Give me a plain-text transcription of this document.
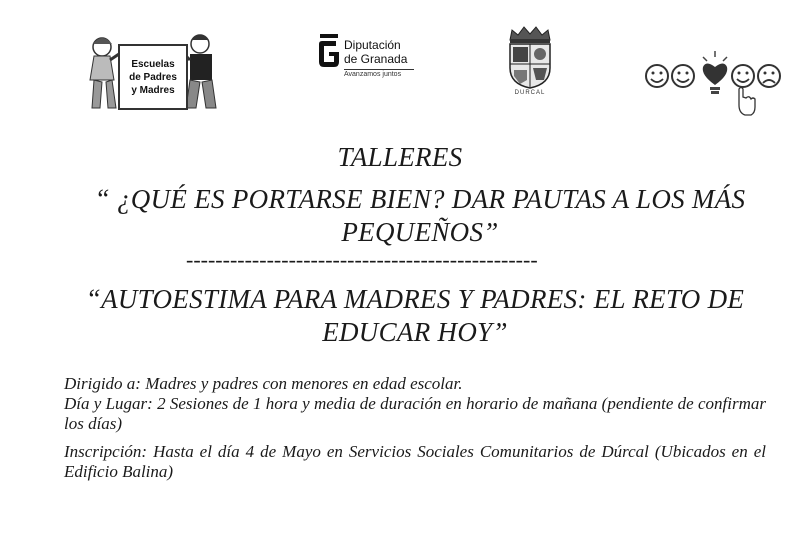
Escuelas
de Padres
y Madres
Diputación
de Granada
Avanzamos juntos
DURCAL
TALLERES
“ ¿QUÉ ES PORTARSE BIEN? DAR PAUTAS A LOS MÁS PEQUEÑOS”
------------------------------------------------
“AUTOESTIMA PARA MADRES Y PADRES: EL RETO DE EDUCAR HOY”
Dirigido a: Madres y padres con menores en edad escolar.
Día y Lugar: 2 Sesiones de 1 hora y media de duración en horario de mañana (pendiente de confirmar los días)
Inscripción: Hasta el día 4 de Mayo en Servicios Sociales Comunitarios de Dúrcal (Ubicados en el Edificio Balina)
